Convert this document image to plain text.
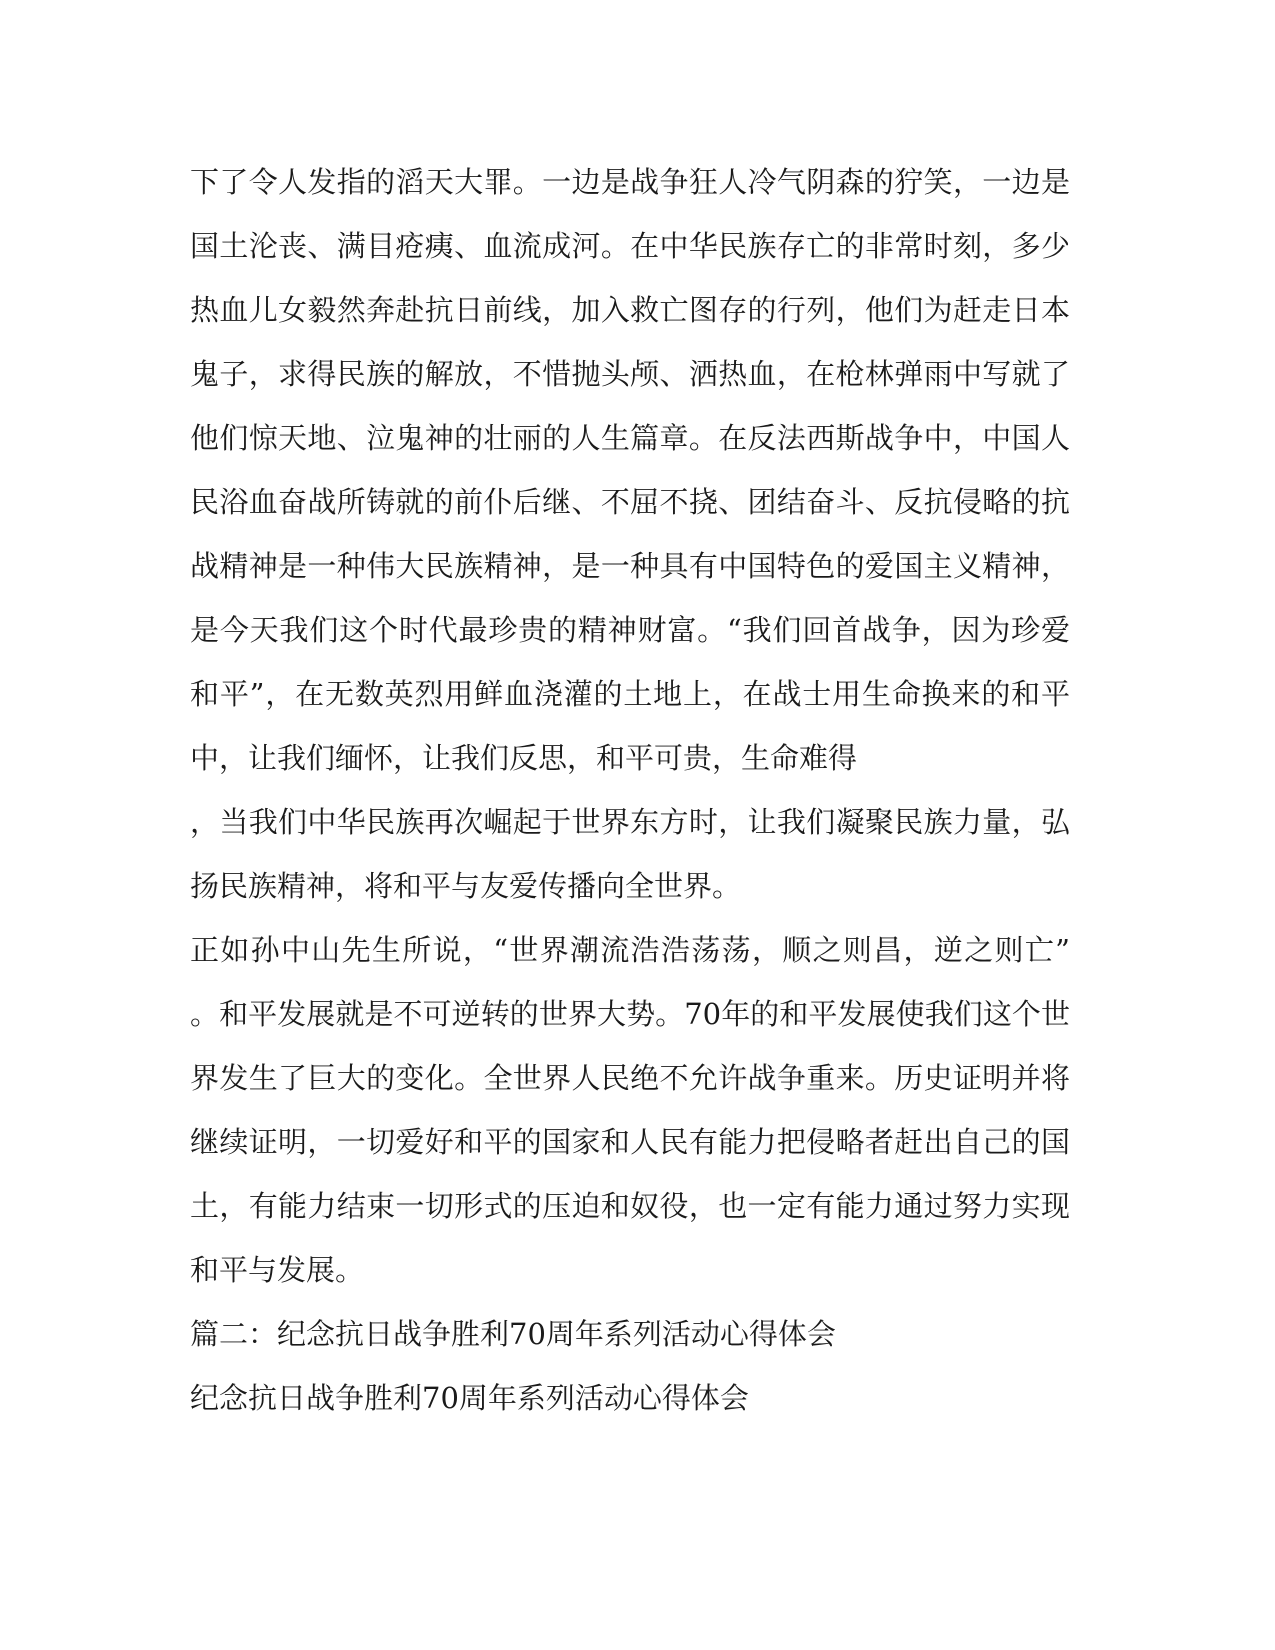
下了令人发指的滔天大罪。一边是战争狂人冷气阴森的狞笑，一边是
国土沦丧、满目疮痍、血流成河。在中华民族存亡的非常时刻，多少
热血儿女毅然奔赴抗日前线，加入救亡图存的行列，他们为赶走日本
鬼子，求得民族的解放，不惜抛头颅、洒热血，在枪林弹雨中写就了
他们惊天地、泣鬼神的壮丽的人生篇章。在反法西斯战争中，中国人
民浴血奋战所铸就的前仆后继、不屈不挠、团结奋斗、反抗侵略的抗
战精神是一种伟大民族精神，是一种具有中国特色的爱国主义精神，
是今天我们这个时代最珍贵的精神财富。“我们回首战争，因为珍爱
和平”，在无数英烈用鲜血浇灌的土地上，在战士用生命换来的和平
中，让我们缅怀，让我们反思，和平可贵，生命难得
，当我们中华民族再次崛起于世界东方时，让我们凝聚民族力量，弘
扬民族精神，将和平与友爱传播向全世界。
正如孙中山先生所说，“世界潮流浩浩荡荡，顺之则昌，逆之则亡”
。和平发展就是不可逆转的世界大势。70年的和平发展使我们这个世
界发生了巨大的变化。全世界人民绝不允许战争重来。历史证明并将
继续证明，一切爱好和平的国家和人民有能力把侵略者赶出自己的国
土，有能力结束一切形式的压迫和奴役，也一定有能力通过努力实现
和平与发展。
篇二：纪念抗日战争胜利70周年系列活动心得体会
纪念抗日战争胜利70周年系列活动心得体会
